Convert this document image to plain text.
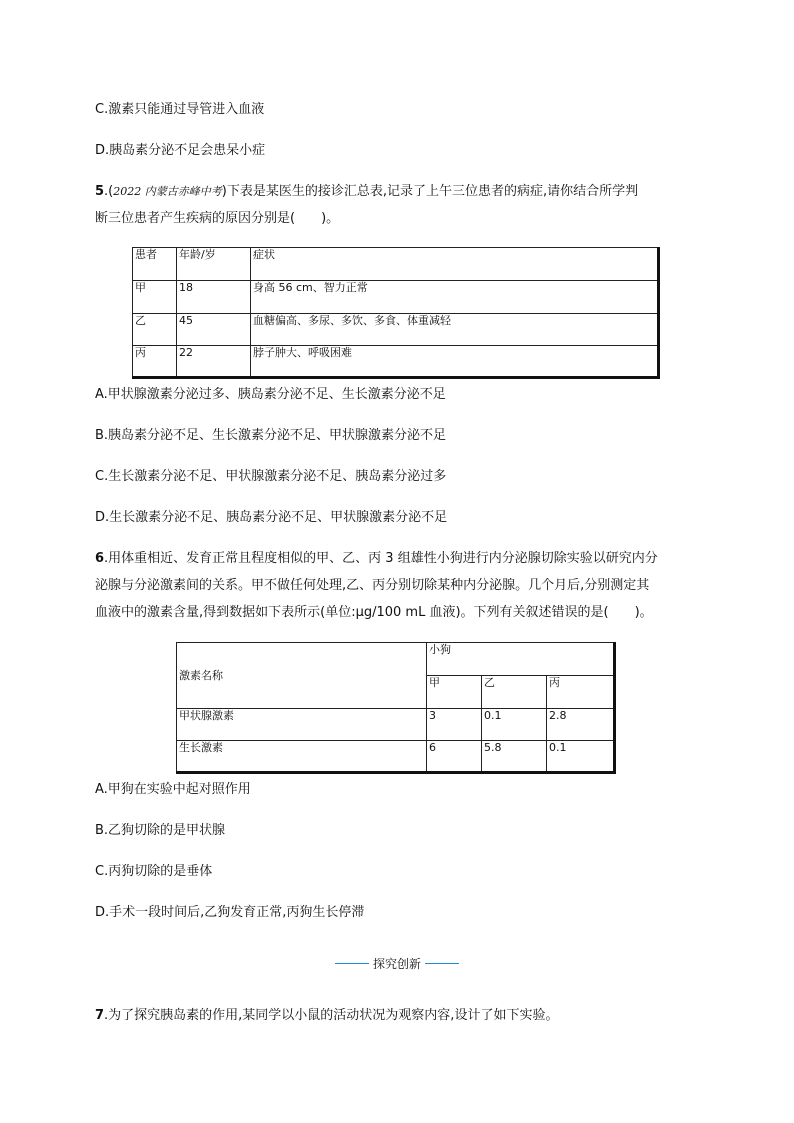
C.激素只能通过导管进入血液
D.胰岛素分泌不足会患呆小症
5.(2022 内蒙古赤峰中考)下表是某医生的接诊汇总表,记录了上午三位患者的病症,请你结合所学判
断三位患者产生疾病的原因分别是(　　)。
患者	年龄/岁	症状
甲	18	身高 56 cm、智力正常
乙	45	血糖偏高、多尿、多饮、多食、体重减轻
丙	22	脖子肿大、呼吸困难
A.甲状腺激素分泌过多、胰岛素分泌不足、生长激素分泌不足
B.胰岛素分泌不足、生长激素分泌不足、甲状腺激素分泌不足
C.生长激素分泌不足、甲状腺激素分泌不足、胰岛素分泌过多
D.生长激素分泌不足、胰岛素分泌不足、甲状腺激素分泌不足
6.用体重相近、发育正常且程度相似的甲、乙、丙 3 组雄性小狗进行内分泌腺切除实验以研究内分
泌腺与分泌激素间的关系。甲不做任何处理,乙、丙分别切除某种内分泌腺。几个月后,分别测定其
血液中的激素含量,得到数据如下表所示(单位:μg/100 mL 血液)。下列有关叙述错误的是(　　)。
激素名称	小狗		
	甲	乙	丙
甲状腺激素	3	0.1	2.8
生长激素	6	5.8	0.1
A.甲狗在实验中起对照作用
B.乙狗切除的是甲状腺
C.丙狗切除的是垂体
D.手术一段时间后,乙狗发育正常,丙狗生长停滞
探究创新
7.为了探究胰岛素的作用,某同学以小鼠的活动状况为观察内容,设计了如下实验。
